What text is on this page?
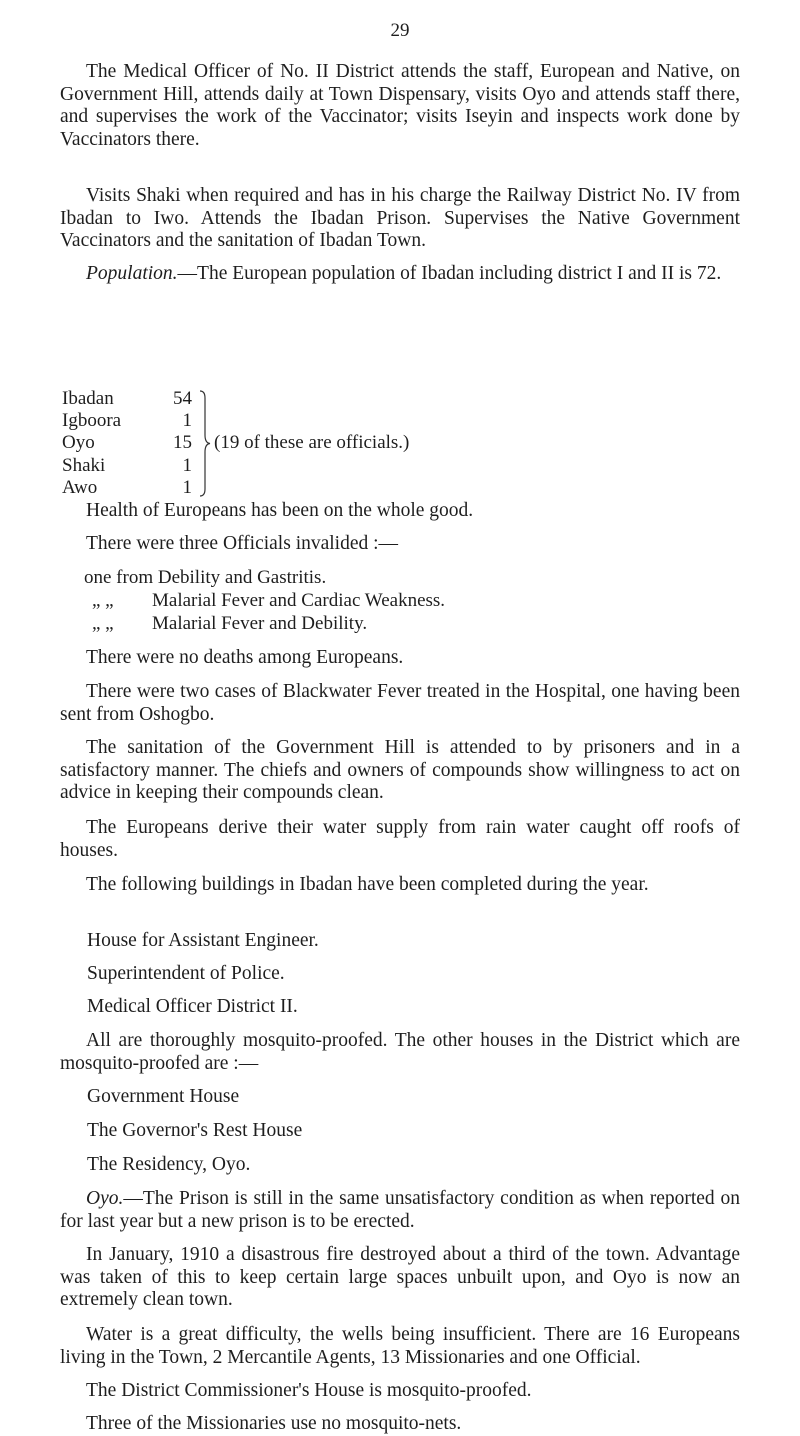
29

The Medical Officer of No. II District attends the staff, European and Native, on Government Hill, attends daily at Town Dispensary, visits Oyo and attends staff there, and supervises the work of the Vaccinator; visits Iseyin and inspects work done by Vaccinators there.

Visits Shaki when required and has in his charge the Railway District No. IV from Ibadan to Iwo. Attends the Ibadan Prison. Supervises the Native Government Vaccinators and the sanitation of Ibadan Town.

Population.—The European population of Ibadan including district I and II is 72.

Ibadan	54
Igboora	1
Oyo	15
Shaki	1
Awo	1
(19 of these are officials.)

Health of Europeans has been on the whole good.

There were three Officials invalided :—

one from Debility and Gastritis.
„ „ Malarial Fever and Cardiac Weakness.
„ „ Malarial Fever and Debility.

There were no deaths among Europeans.

There were two cases of Blackwater Fever treated in the Hospital, one having been sent from Oshogbo.

The sanitation of the Government Hill is attended to by prisoners and in a satisfactory manner. The chiefs and owners of compounds show willingness to act on advice in keeping their compounds clean.

The Europeans derive their water supply from rain water caught off roofs of houses.

The following buildings in Ibadan have been completed during the year.

House for Assistant Engineer.

Superintendent of Police.

Medical Officer District II.

All are thoroughly mosquito-proofed. The other houses in the District which are mosquito-proofed are :—

Government House

The Governor's Rest House

The Residency, Oyo.

Oyo.—The Prison is still in the same unsatisfactory condition as when reported on for last year but a new prison is to be erected.

In January, 1910 a disastrous fire destroyed about a third of the town. Advantage was taken of this to keep certain large spaces unbuilt upon, and Oyo is now an extremely clean town.

Water is a great difficulty, the wells being insufficient. There are 16 Europeans living in the Town, 2 Mercantile Agents, 13 Missionaries and one Official.

The District Commissioner's House is mosquito-proofed.

Three of the Missionaries use no mosquito-nets.
